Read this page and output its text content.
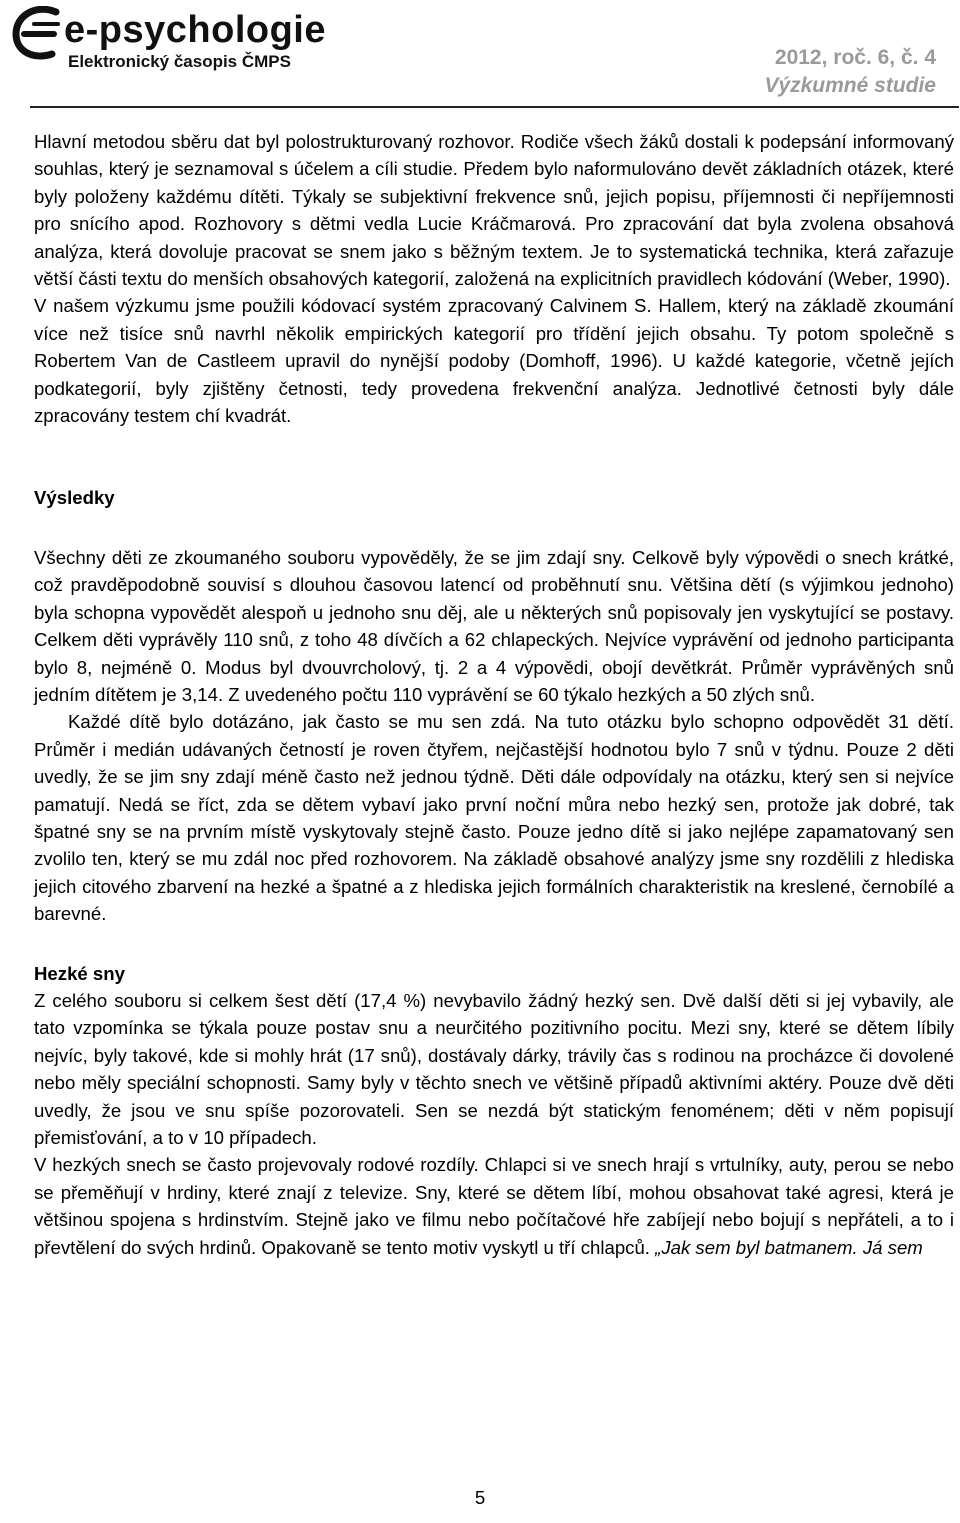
e-psychologie
Elektronický časopis ČMPS	2012, roč. 6, č. 4
Výzkumné studie

Hlavní metodou sběru dat byl polostrukturovaný rozhovor. Rodiče všech žáků dostali k podepsání informovaný souhlas, který je seznamoval s účelem a cíli studie. Předem bylo naformulováno devět základních otázek, které byly položeny každému dítěti. Týkaly se subjektivní frekvence snů, jejich popisu, příjemnosti či nepříjemnosti pro snícího apod. Rozhovory s dětmi vedla Lucie Kráčmarová. Pro zpracování dat byla zvolena obsahová analýza, která dovoluje pracovat se snem jako s běžným textem. Je to systematická technika, která zařazuje větší části textu do menších obsahových kategorií, založená na explicitních pravidlech kódování (Weber, 1990).

V našem výzkumu jsme použili kódovací systém zpracovaný Calvinem S. Hallem, který na základě zkoumání více než tisíce snů navrhl několik empirických kategorií pro třídění jejich obsahu. Ty potom společně s Robertem Van de Castleem upravil do nynější podoby (Domhoff, 1996). U každé kategorie, včetně jejích podkategorií, byly zjištěny četnosti, tedy provedena frekvenční analýza. Jednotlivé četnosti byly dále zpracovány testem chí kvadrát.

Výsledky

Všechny děti ze zkoumaného souboru vypověděly, že se jim zdají sny. Celkově byly výpovědi o snech krátké, což pravděpodobně souvisí s dlouhou časovou latencí od proběhnutí snu. Většina dětí (s výjimkou jednoho) byla schopna vypovědět alespoň u jednoho snu děj, ale u některých snů popisovaly jen vyskytující se postavy. Celkem děti vyprávěly 110 snů, z toho 48 dívčích a 62 chlapeckých. Nejvíce vyprávění od jednoho participanta bylo 8, nejméně 0. Modus byl dvouvrcholový, tj. 2 a 4 výpovědi, obojí devětkrát. Průměr vyprávěných snů jedním dítětem je 3,14. Z uvedeného počtu 110 vyprávění se 60 týkalo hezkých a 50 zlých snů.

Každé dítě bylo dotázáno, jak často se mu sen zdá. Na tuto otázku bylo schopno odpovědět 31 dětí. Průměr i medián udávaných četností je roven čtyřem, nejčastější hodnotou bylo 7 snů v týdnu. Pouze 2 děti uvedly, že se jim sny zdají méně často než jednou týdně. Děti dále odpovídaly na otázku, který sen si nejvíce pamatují. Nedá se říct, zda se dětem vybaví jako první noční můra nebo hezký sen, protože jak dobré, tak špatné sny se na prvním místě vyskytovaly stejně často. Pouze jedno dítě si jako nejlépe zapamatovaný sen zvolilo ten, který se mu zdál noc před rozhovorem. Na základě obsahové analýzy jsme sny rozdělili z hlediska jejich citového zbarvení na hezké a špatné a z hlediska jejich formálních charakteristik na kreslené, černobílé a barevné.

Hezké sny

Z celého souboru si celkem šest dětí (17,4 %) nevybavilo žádný hezký sen. Dvě další děti si jej vybavily, ale tato vzpomínka se týkala pouze postav snu a neurčitého pozitivního pocitu. Mezi sny, které se dětem líbily nejvíc, byly takové, kde si mohly hrát (17 snů), dostávaly dárky, trávily čas s rodinou na procházce či dovolené nebo měly speciální schopnosti. Samy byly v těchto snech ve většině případů aktivními aktéry. Pouze dvě děti uvedly, že jsou ve snu spíše pozorovateli. Sen se nezdá být statickým fenoménem; děti v něm popisují přemisťování, a to v 10 případech.

V hezkých snech se často projevovaly rodové rozdíly. Chlapci si ve snech hrají s vrtulníky, auty, perou se nebo se přeměňují v hrdiny, které znají z televize. Sny, které se dětem líbí, mohou obsahovat také agresi, která je většinou spojena s hrdinstvím. Stejně jako ve filmu nebo počítačové hře zabíjejí nebo bojují s nepřáteli, a to i převtělení do svých hrdinů. Opakovaně se tento motiv vyskytl u tří chlapců. „Jak sem byl batmanem. Já sem

5
